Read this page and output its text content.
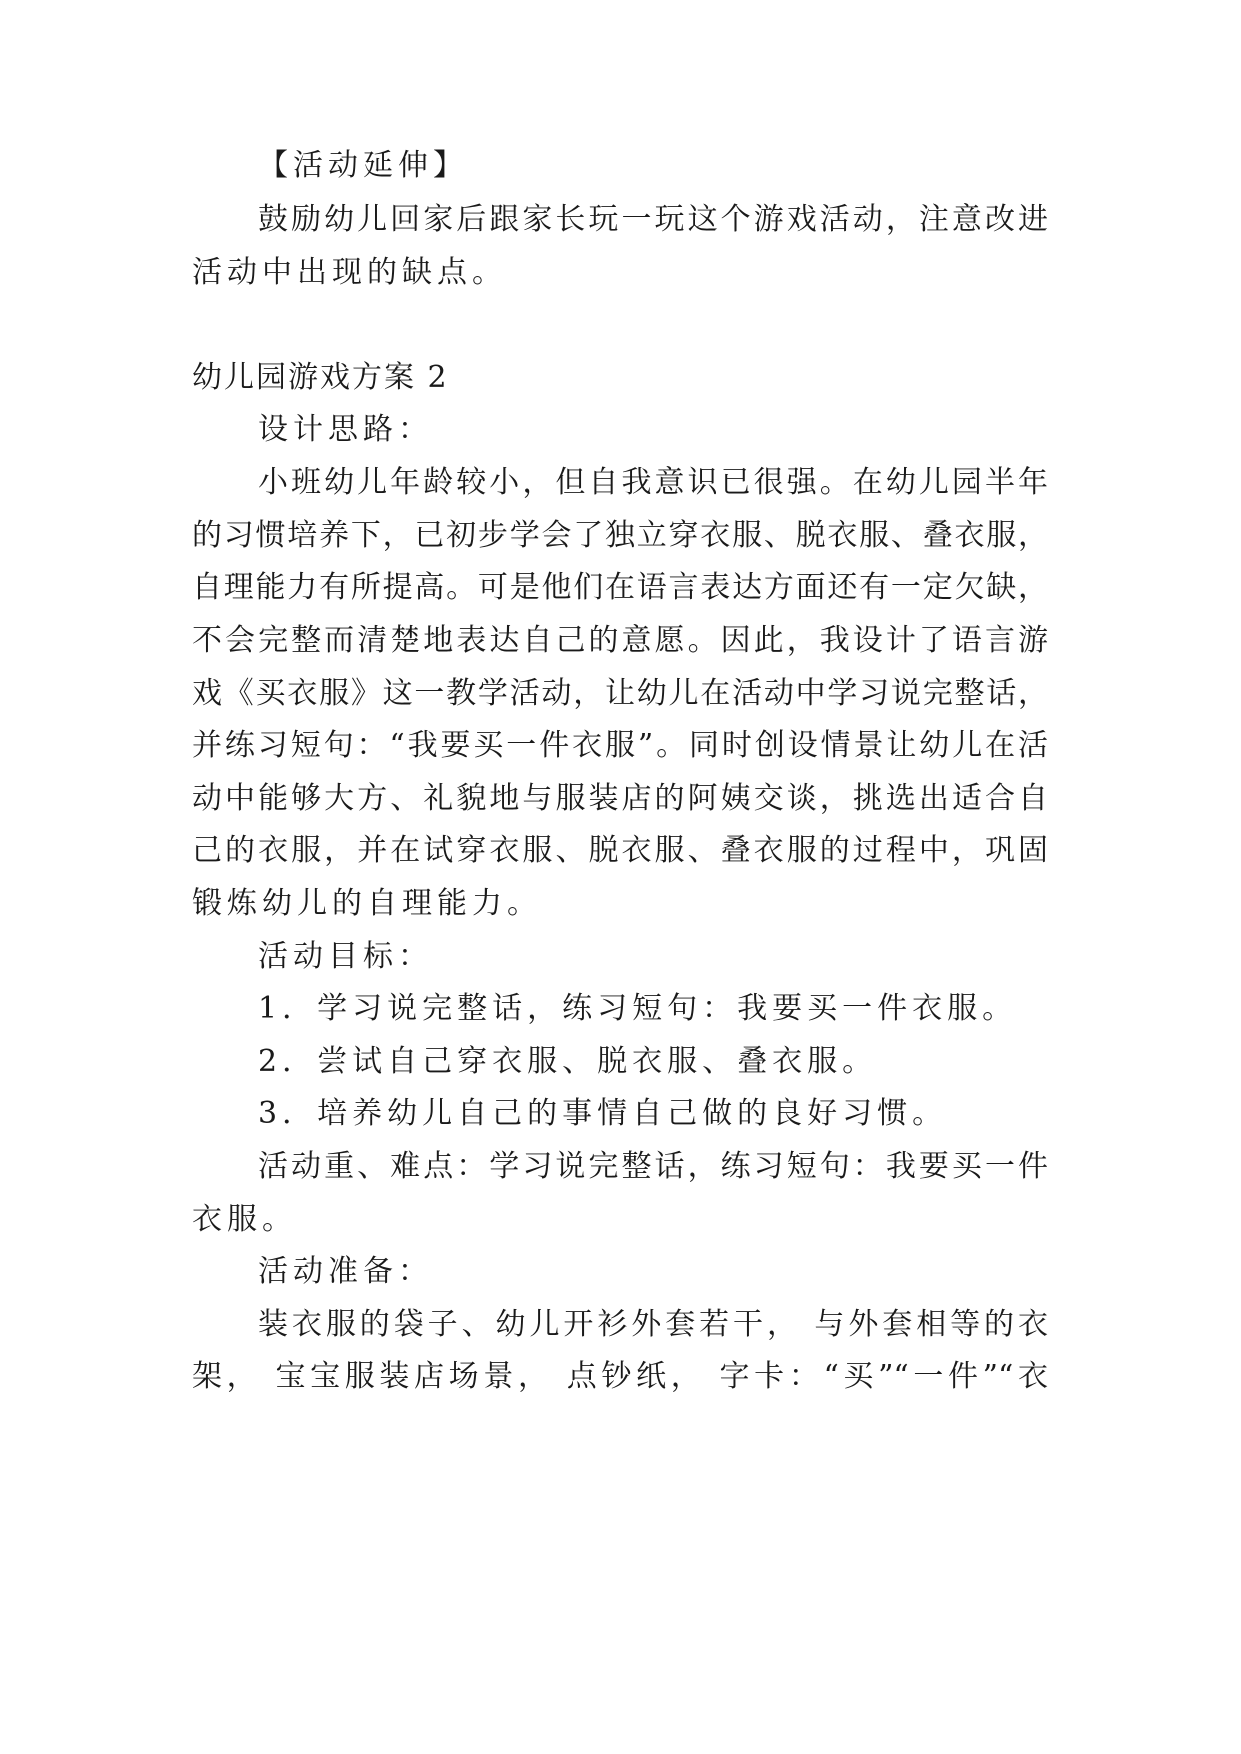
【活动延伸】

鼓励幼儿回家后跟家长玩一玩这个游戏活动，注意改进

活动中出现的缺点。

幼儿园游戏方案 2

设计思路：

小班幼儿年龄较小，但自我意识已很强。在幼儿园半年

的习惯培养下，已初步学会了独立穿衣服、脱衣服、叠衣服，

自理能力有所提高。可是他们在语言表达方面还有一定欠缺，

不会完整而清楚地表达自己的意愿。因此，我设计了语言游

戏《买衣服》这一教学活动，让幼儿在活动中学习说完整话，

并练习短句：“我要买一件衣服”。同时创设情景让幼儿在活

动中能够大方、礼貌地与服装店的阿姨交谈，挑选出适合自

己的衣服，并在试穿衣服、脱衣服、叠衣服的过程中，巩固

锻炼幼儿的自理能力。

活动目标：

1．学习说完整话，练习短句：我要买一件衣服。

2．尝试自己穿衣服、脱衣服、叠衣服。

3．培养幼儿自己的事情自己做的良好习惯。

活动重、难点：学习说完整话，练习短句：我要买一件

衣服。

活动准备：

装衣服的袋子、幼儿开衫外套若干， 与外套相等的衣

架， 宝宝服装店场景， 点钞纸， 字卡：“买”“一件”“衣
